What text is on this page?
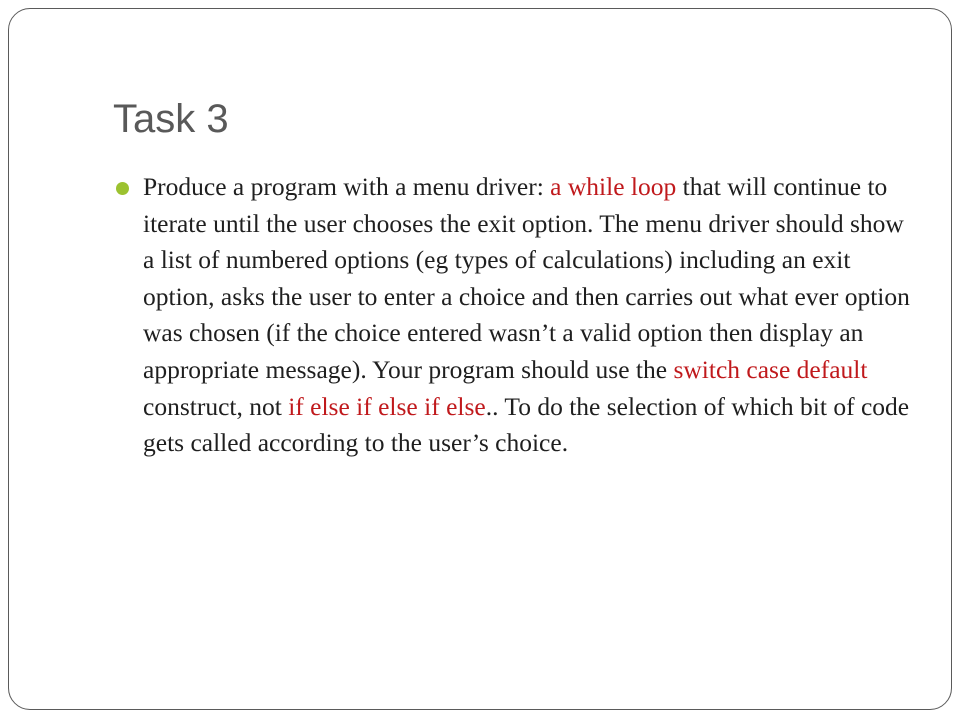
Task 3

Produce a program with a menu driver: a while loop that will continue to iterate until the user chooses the exit option. The menu driver should show a list of numbered options (eg types of calculations) including an exit option, asks the user to enter a choice and then carries out what ever option was chosen (if the choice entered wasn’t a valid option then display an appropriate message). Your program should use the switch case default construct, not if else if else if else.. To do the selection of which bit of code gets called according to the user’s choice.
